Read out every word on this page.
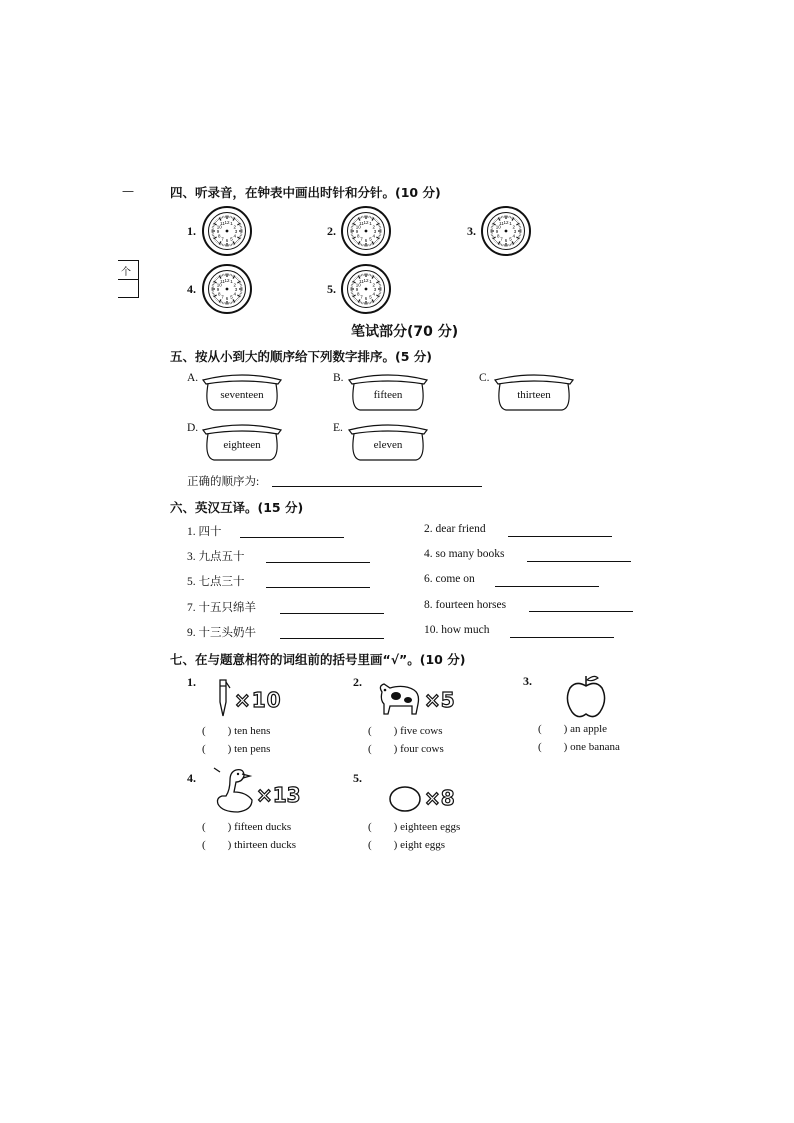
—
个
四、听录音，在钟表中画出时针和分针。(10 分)
1.
1
2
3
4
5
6
7
8
9
10
11 12
2.
1
2
3
4
5
6
7
8
9
10
11 12
3.
1
2
3
4
5
6
7
8
9
10
11 12
4.
1
2
3
4
5
6
7
8
9
10
11 12
5.
1
2
3
4
5
6
7
8
9
10
11 12
笔试部分(70 分)
五、按从小到大的顺序给下列数字排序。(5 分)
A.
seventeen
B.
fifteen
C.
thirteen
D.
eighteen
E.
eleven
正确的顺序为:
六、英汉互译。(15 分)
1. 四十	2. dear friend
3. 九点五十	4. so many books
5. 七点三十	6. come on
7. 十五只绵羊	8. fourteen horses
9. 十三头奶牛	10. how much
七、在与题意相符的词组前的括号里画“√”。(10 分)
1.
×10
(        ) ten hens
(        ) ten pens
2.
×5
(        ) five cows
(        ) four cows
3.
(        ) an apple
(        ) one banana
4.
×13
(        ) fifteen ducks
(        ) thirteen ducks
5.
×8
(        ) eighteen eggs
(        ) eight eggs
